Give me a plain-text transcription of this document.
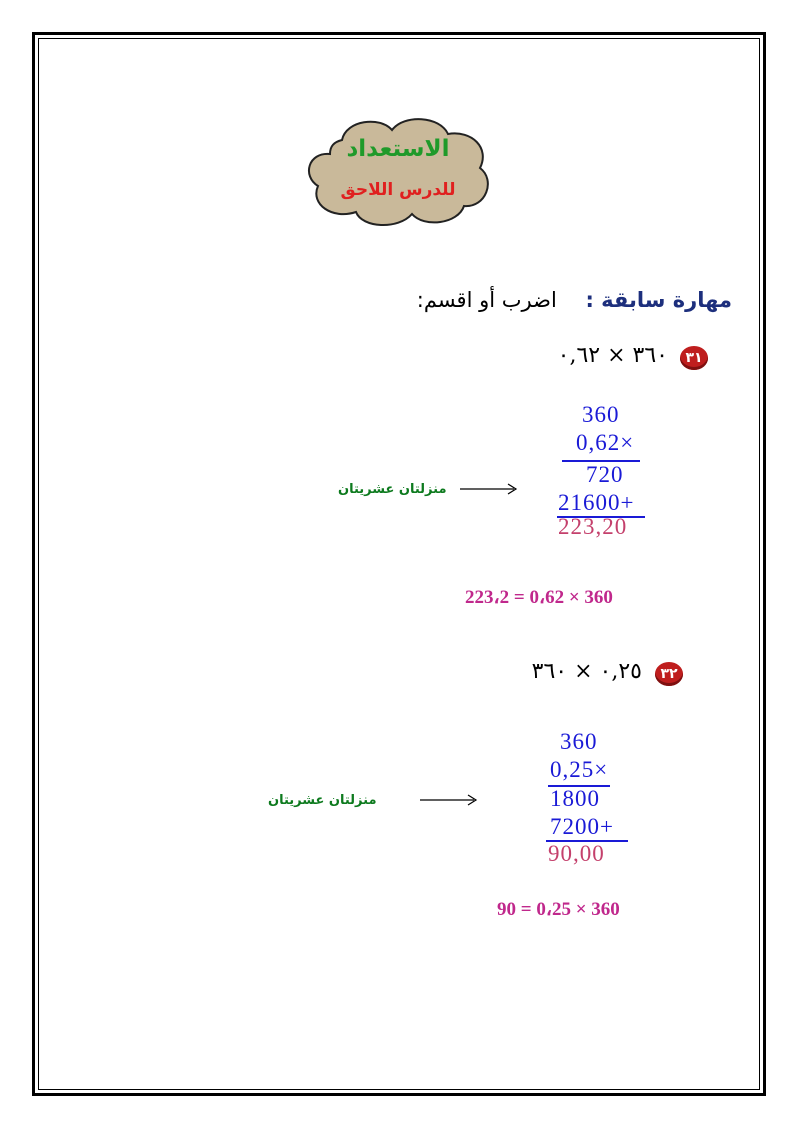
الاستعداد
للدرس اللاحق
مهارة سابقة : اضرب أو اقسم:
٣١
٣٦٠ × ٠,٦٢
360
0,62×
720
21600+
223,20
منزلتان عشريتان
223،2 = 0،62 × 360
٣٢
٠,٢٥ × ٣٦٠
360
0,25×
1800
7200+
90,00
منزلتان عشريتان
90 = 0،25 × 360
